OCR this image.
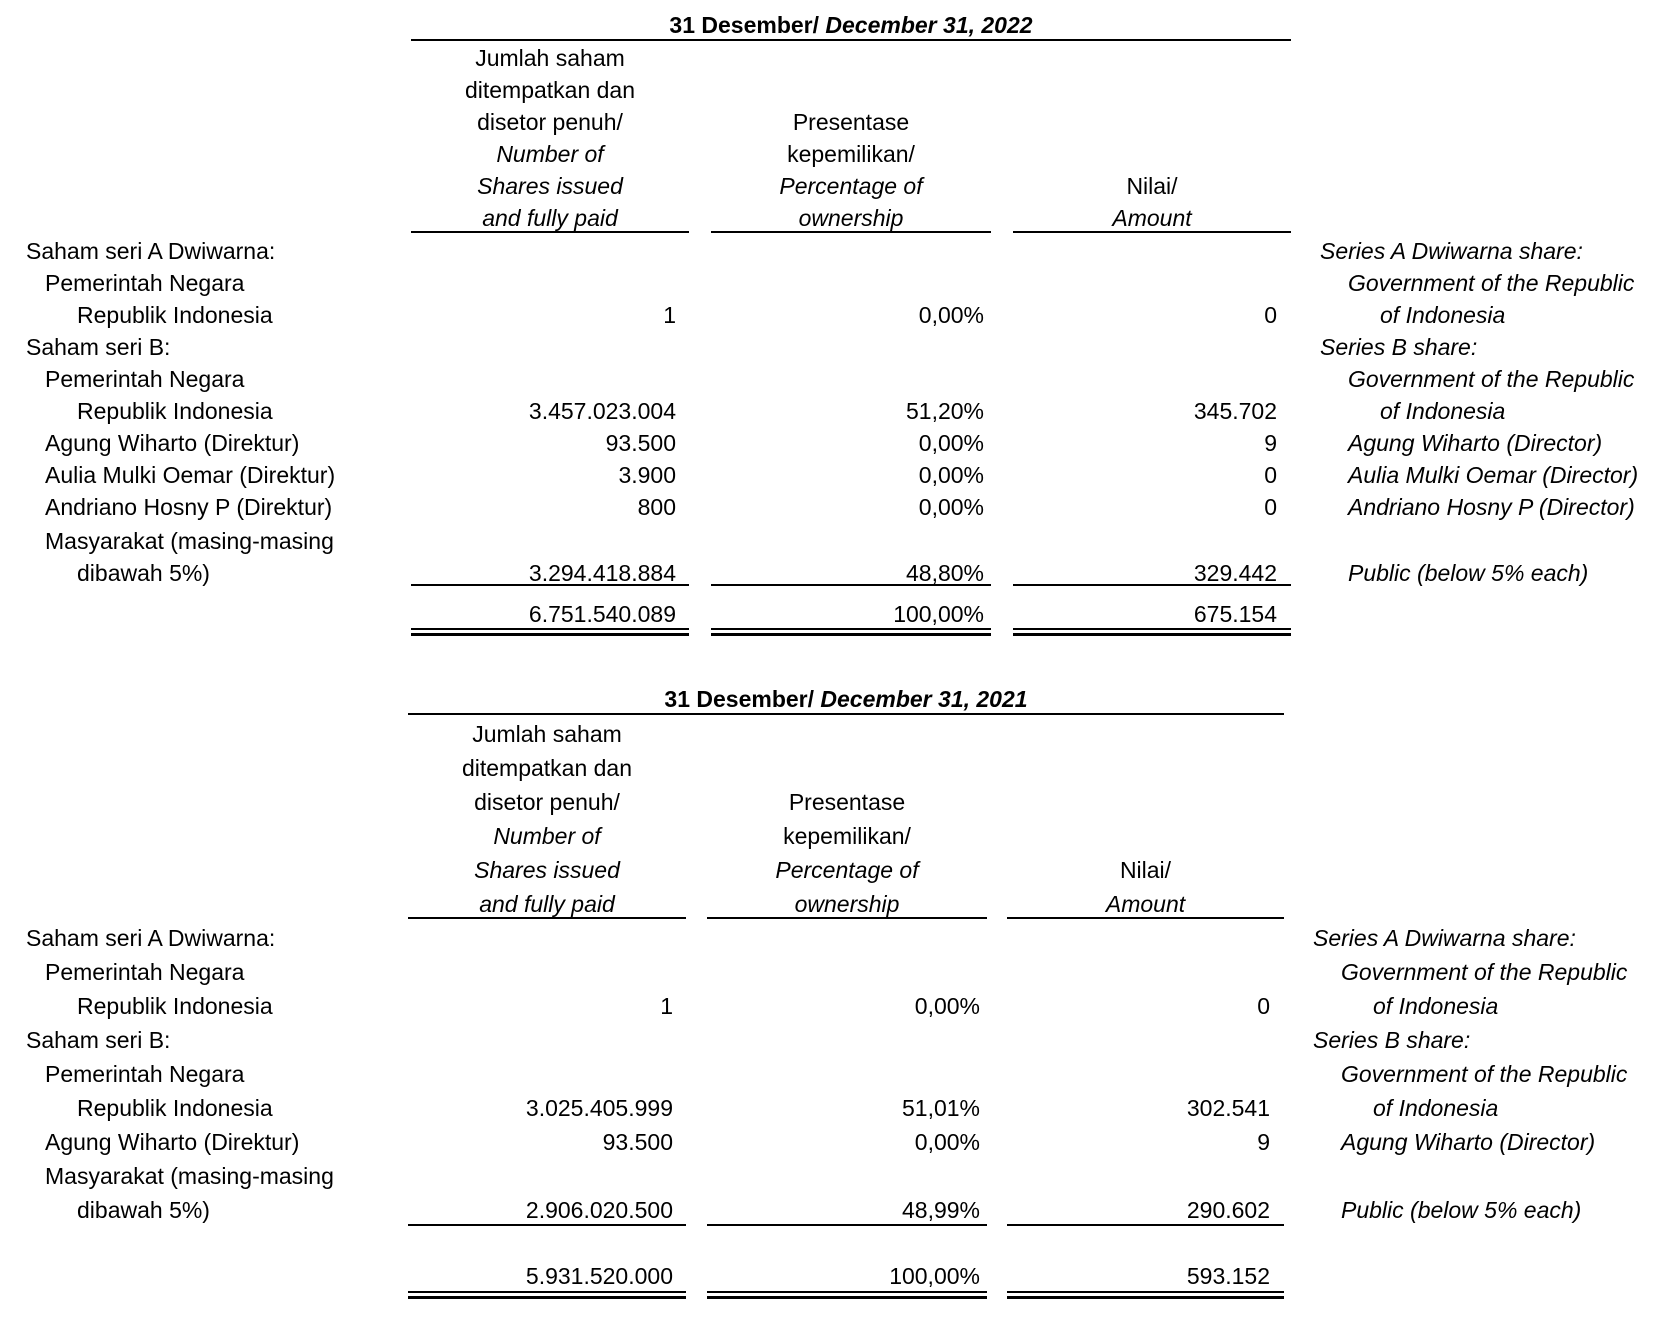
31 Desember/ December 31, 2022
Jumlah saham
ditempatkan dan
disetor penuh/
Number of
Shares issued
and fully paid
Presentase
kepemilikan/
Percentage of
ownership
Nilai/
Amount
Saham seri A Dwiwarna:	Series A Dwiwarna share:
Pemerintah Negara	Government of the Republic
Republik Indonesia	1	0,00%	0	of Indonesia
Saham seri B:	Series B share:
Pemerintah Negara	Government of the Republic
Republik Indonesia	3.457.023.004	51,20%	345.702	of Indonesia
Agung Wiharto (Direktur)	93.500	0,00%	9	Agung Wiharto (Director)
Aulia Mulki Oemar (Direktur)	3.900	0,00%	0	Aulia Mulki Oemar (Director)
Andriano Hosny P (Direktur)	800	0,00%	0	Andriano Hosny P (Director)
Masyarakat (masing-masing
dibawah 5%)	3.294.418.884	48,80%	329.442	Public (below 5% each)
6.751.540.089	100,00%	675.154
31 Desember/ December 31, 2021
Jumlah saham
ditempatkan dan
disetor penuh/
Number of
Shares issued
and fully paid
Presentase
kepemilikan/
Percentage of
ownership
Nilai/
Amount
Saham seri A Dwiwarna:	Series A Dwiwarna share:
Pemerintah Negara	Government of the Republic
Republik Indonesia	1	0,00%	0	of Indonesia
Saham seri B:	Series B share:
Pemerintah Negara	Government of the Republic
Republik Indonesia	3.025.405.999	51,01%	302.541	of Indonesia
Agung Wiharto (Direktur)	93.500	0,00%	9	Agung Wiharto (Director)
Masyarakat (masing-masing
dibawah 5%)	2.906.020.500	48,99%	290.602	Public (below 5% each)
5.931.520.000	100,00%	593.152
